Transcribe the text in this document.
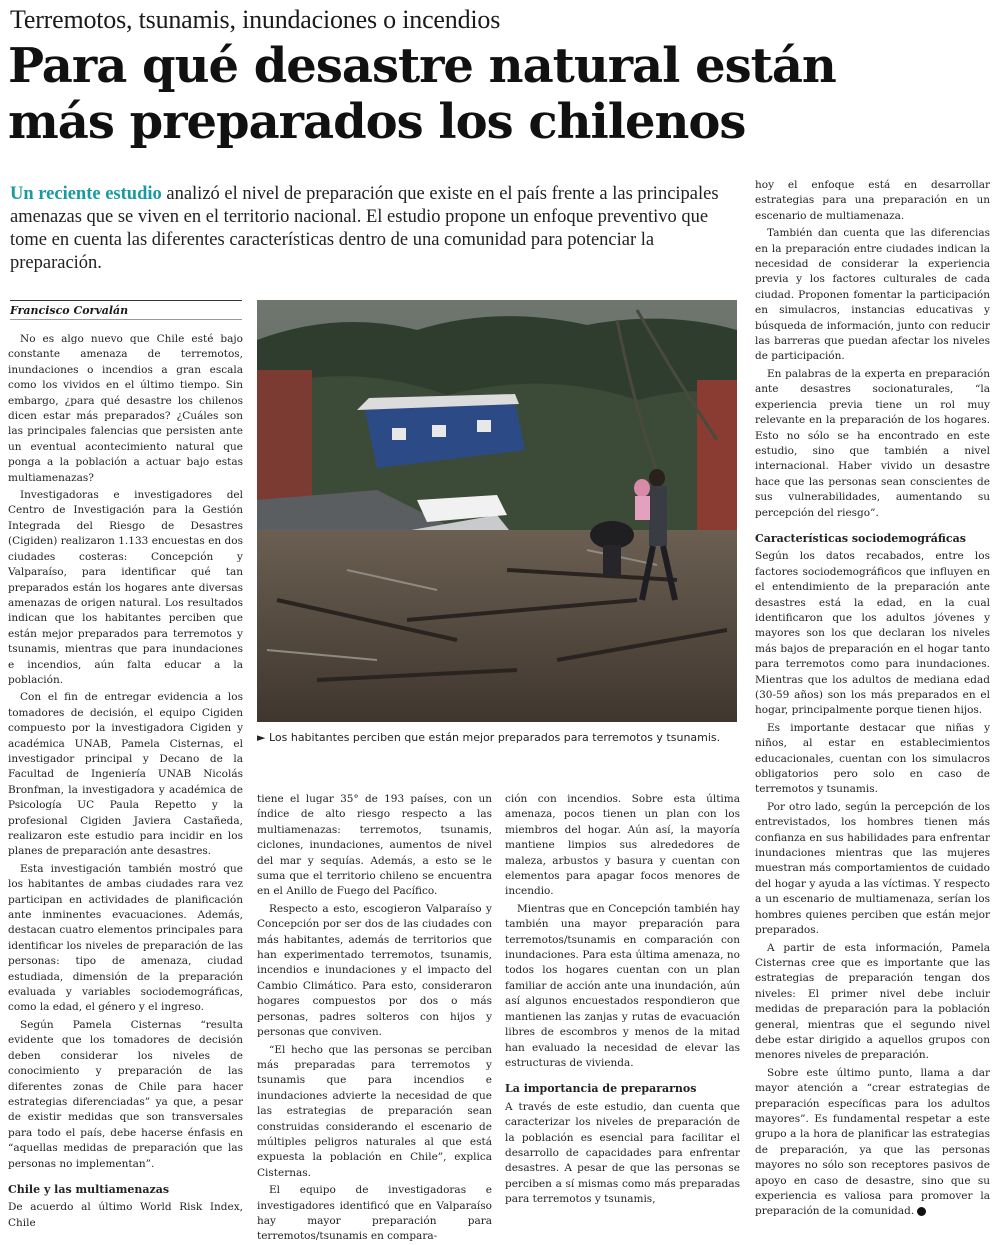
Terremotos, tsunamis, inundaciones o incendios
Para qué desastre natural están
más preparados los chilenos

Un reciente estudio analizó el nivel de preparación que existe en el país frente a las principales amenazas que se viven en el territorio nacional. El estudio propone un enfoque preventivo que tome en cuenta las diferentes características dentro de una comunidad para potenciar la preparación.

Francisco Corvalán

No es algo nuevo que Chile esté bajo constante amenaza de terremotos, inundaciones o incendios a gran escala como los vividos en el último tiempo. Sin embargo, ¿para qué desastre los chilenos dicen estar más preparados? ¿Cuáles son las principales falencias que persisten ante un eventual acontecimiento natural que ponga a la población a actuar bajo estas multiamenazas?

Investigadoras e investigadores del Centro de Investigación para la Gestión Integrada del Riesgo de Desastres (Cigiden) realizaron 1.133 encuestas en dos ciudades costeras: Concepción y Valparaíso, para identificar qué tan preparados están los hogares ante diversas amenazas de origen natural. Los resultados indican que los habitantes perciben que están mejor preparados para terremotos y tsunamis, mientras que para inundaciones e incendios, aún falta educar a la población.

Con el fin de entregar evidencia a los tomadores de decisión, el equipo Cigiden compuesto por la investigadora Cigiden y académica UNAB, Pamela Cisternas, el investigador principal y Decano de la Facultad de Ingeniería UNAB Nicolás Bronfman, la investigadora y académica de Psicología UC Paula Repetto y la profesional Cigiden Javiera Castañeda, realizaron este estudio para incidir en los planes de preparación ante desastres.

Esta investigación también mostró que los habitantes de ambas ciudades rara vez participan en actividades de planificación ante inminentes evacuaciones. Además, destacan cuatro elementos principales para identificar los niveles de preparación de las personas: tipo de amenaza, ciudad estudiada, dimensión de la preparación evaluada y variables sociodemográficas, como la edad, el género y el ingreso.

Según Pamela Cisternas “resulta evidente que los tomadores de decisión deben considerar los niveles de conocimiento y preparación de las diferentes zonas de Chile para hacer estrategias diferenciadas” ya que, a pesar de existir medidas que son transversales para todo el país, debe hacerse énfasis en “aquellas medidas de preparación que las personas no implementan”.

Chile y las multiamenazas

De acuerdo al último World Risk Index, Chile

► Los habitantes perciben que están mejor preparados para terremotos y tsunamis.

tiene el lugar 35° de 193 países, con un índice de alto riesgo respecto a las multiamenazas: terremotos, tsunamis, ciclones, inundaciones, aumentos de nivel del mar y sequías. Además, a esto se le suma que el territorio chileno se encuentra en el Anillo de Fuego del Pacífico.

Respecto a esto, escogieron Valparaíso y Concepción por ser dos de las ciudades con más habitantes, además de territorios que han experimentado terremotos, tsunamis, incendios e inundaciones y el impacto del Cambio Climático. Para esto, consideraron hogares compuestos por dos o más personas, padres solteros con hijos y personas que conviven.

“El hecho que las personas se perciban más preparadas para terremotos y tsunamis que para incendios e inundaciones advierte la necesidad de que las estrategias de preparación sean construidas considerando el escenario de múltiples peligros naturales al que está expuesta la población en Chile”, explica Cisternas.

El equipo de investigadoras e investigadores identificó que en Valparaíso hay mayor preparación para terremotos/tsunamis en compara-

ción con incendios. Sobre esta última amenaza, pocos tienen un plan con los miembros del hogar. Aún así, la mayoría mantiene limpios sus alrededores de maleza, arbustos y basura y cuentan con elementos para apagar focos menores de incendio.

Mientras que en Concepción también hay también una mayor preparación para terremotos/tsunamis en comparación con inundaciones. Para esta última amenaza, no todos los hogares cuentan con un plan familiar de acción ante una inundación, aún así algunos encuestados respondieron que mantienen las zanjas y rutas de evacuación libres de escombros y menos de la mitad han evaluado la necesidad de elevar las estructuras de vivienda.

La importancia de prepararnos

A través de este estudio, dan cuenta que caracterizar los niveles de preparación de la población es esencial para facilitar el desarrollo de capacidades para enfrentar desastres. A pesar de que las personas se perciben a sí mismas como más preparadas para terremotos y tsunamis,

hoy el enfoque está en desarrollar estrategias para una preparación en un escenario de multiamenaza.

También dan cuenta que las diferencias en la preparación entre ciudades indican la necesidad de considerar la experiencia previa y los factores culturales de cada ciudad. Proponen fomentar la participación en simulacros, instancias educativas y búsqueda de información, junto con reducir las barreras que puedan afectar los niveles de participación.

En palabras de la experta en preparación ante desastres socionaturales, “la experiencia previa tiene un rol muy relevante en la preparación de los hogares. Esto no sólo se ha encontrado en este estudio, sino que también a nivel internacional. Haber vivido un desastre hace que las personas sean conscientes de sus vulnerabilidades, aumentando su percepción del riesgo”.

Características sociodemográficas

Según los datos recabados, entre los factores sociodemográficos que influyen en el entendimiento de la preparación ante desastres está la edad, en la cual identificaron que los adultos jóvenes y mayores son los que declaran los niveles más bajos de preparación en el hogar tanto para terremotos como para inundaciones. Mientras que los adultos de mediana edad (30-59 años) son los más preparados en el hogar, principalmente porque tienen hijos.

Es importante destacar que niñas y niños, al estar en establecimientos educacionales, cuentan con los simulacros obligatorios pero solo en caso de terremotos y tsunamis.

Por otro lado, según la percepción de los entrevistados, los hombres tienen más confianza en sus habilidades para enfrentar inundaciones mientras que las mujeres muestran más comportamientos de cuidado del hogar y ayuda a las víctimas. Y respecto a un escenario de multiamenaza, serían los hombres quienes perciben que están mejor preparados.

A partir de esta información, Pamela Cisternas cree que es importante que las estrategias de preparación tengan dos niveles: El primer nivel debe incluir medidas de preparación para la población general, mientras que el segundo nivel debe estar dirigido a aquellos grupos con menores niveles de preparación.

Sobre este último punto, llama a dar mayor atención a “crear estrategias de preparación específicas para los adultos mayores”. Es fundamental respetar a este grupo a la hora de planificar las estrategias de preparación, ya que las personas mayores no sólo son receptores pasivos de apoyo en caso de desastre, sino que su experiencia es valiosa para promover la preparación de la comunidad.
